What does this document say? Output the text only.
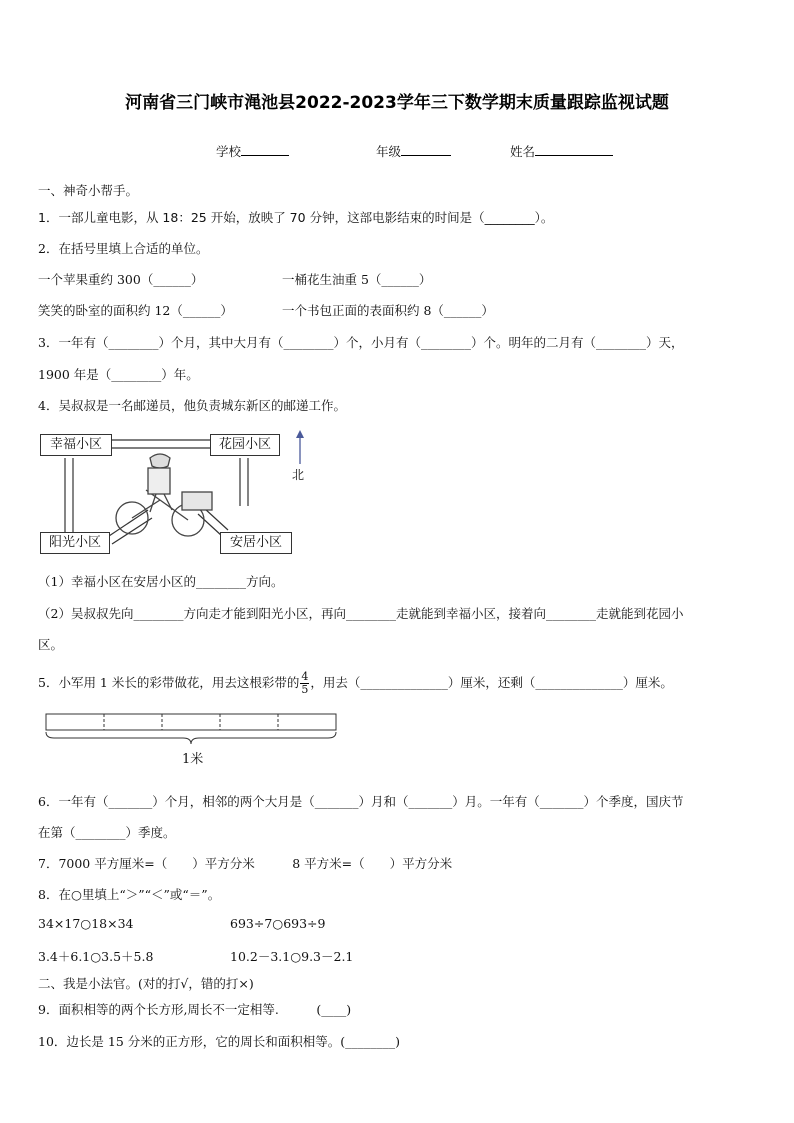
河南省三门峡市渑池县2022-2023学年三下数学期末质量跟踪监视试题
学校	年级	姓名
一、神奇小帮手。
1．一部儿童电影，从 18：25 开始，放映了 70 分钟，这部电影结束的时间是（________）。
2．在括号里填上合适的单位。
一个苹果重约 300（______）	一桶花生油重 5（______）
笑笑的卧室的面积约 12（______）	一个书包正面的表面积约 8（______）
3．一年有（________）个月，其中大月有（________）个，小月有（________）个。明年的二月有（________）天，
1900 年是（________）年。
4．吴叔叔是一名邮递员，他负责城东新区的邮递工作。
幸福小区	花园小区
阳光小区	安居小区
北
（1）幸福小区在安居小区的________方向。
（2）吴叔叔先向________方向走才能到阳光小区，再向________走就能到幸福小区，接着向________走就能到花园小
区。
5．小军用 1 米长的彩带做花，用去这根彩带的 $\frac{4}{5}$ ，用去（______________）厘米，还剩（______________）厘米。
1米
6．一年有（_______）个月，相邻的两个大月是（_______）月和（_______）月。一年有（_______）个季度，国庆节
在第（________）季度。
7．7000 平方厘米=（　　）平方分米　　　8 平方米=（　　）平方分米
8．在○里填上“＞”“＜”或“＝”。
34×17○18×34	693÷7○693÷9
3.4＋6.1○3.5＋5.8	10.2－3.1○9.3－2.1
二、我是小法官。(对的打√，错的打×)
9．面积相等的两个长方形,周长不一定相等.　　　(____)
10．边长是 15 分米的正方形，它的周长和面积相等。(________)
